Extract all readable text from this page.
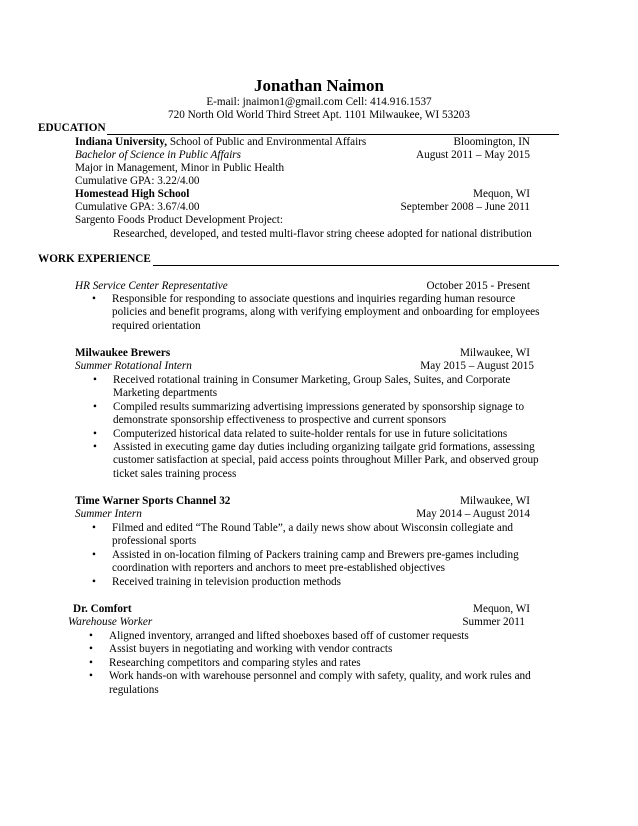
Jonathan Naimon
E-mail: jnaimon1@gmail.com Cell: 414.916.1537
720 North Old World Third Street Apt. 1101 Milwaukee, WI 53203
EDUCATION
Indiana University, School of Public and Environmental Affairs	Bloomington, IN
Bachelor of Science in Public Affairs	August 2011 – May 2015
Major in Management, Minor in Public Health
Cumulative GPA: 3.22/4.00
Homestead High School	Mequon, WI
Cumulative GPA: 3.67/4.00	September 2008 – June 2011
Sargento Foods Product Development Project:
Researched, developed, and tested multi-flavor string cheese adopted for national distribution
WORK EXPERIENCE
HR Service Center Representative	October 2015 - Present
• Responsible for responding to associate questions and inquiries regarding human resource
policies and benefit programs, along with verifying employment and onboarding for employees
required orientation
Milwaukee Brewers	Milwaukee, WI
Summer Rotational Intern	May 2015 – August 2015
• Received rotational training in Consumer Marketing, Group Sales, Suites, and Corporate
Marketing departments
• Compiled results summarizing advertising impressions generated by sponsorship signage to
demonstrate sponsorship effectiveness to prospective and current sponsors
• Computerized historical data related to suite-holder rentals for use in future solicitations
• Assisted in executing game day duties including organizing tailgate grid formations, assessing
customer satisfaction at special, paid access points throughout Miller Park, and observed group
ticket sales training process
Time Warner Sports Channel 32	Milwaukee, WI
Summer Intern	May 2014 – August 2014
• Filmed and edited “The Round Table”, a daily news show about Wisconsin collegiate and
professional sports
• Assisted in on-location filming of Packers training camp and Brewers pre-games including
coordination with reporters and anchors to meet pre-established objectives
• Received training in television production methods
Dr. Comfort	Mequon, WI
Warehouse Worker	Summer 2011
• Aligned inventory, arranged and lifted shoeboxes based off of customer requests
• Assist buyers in negotiating and working with vendor contracts
• Researching competitors and comparing styles and rates
• Work hands-on with warehouse personnel and comply with safety, quality, and work rules and
regulations
